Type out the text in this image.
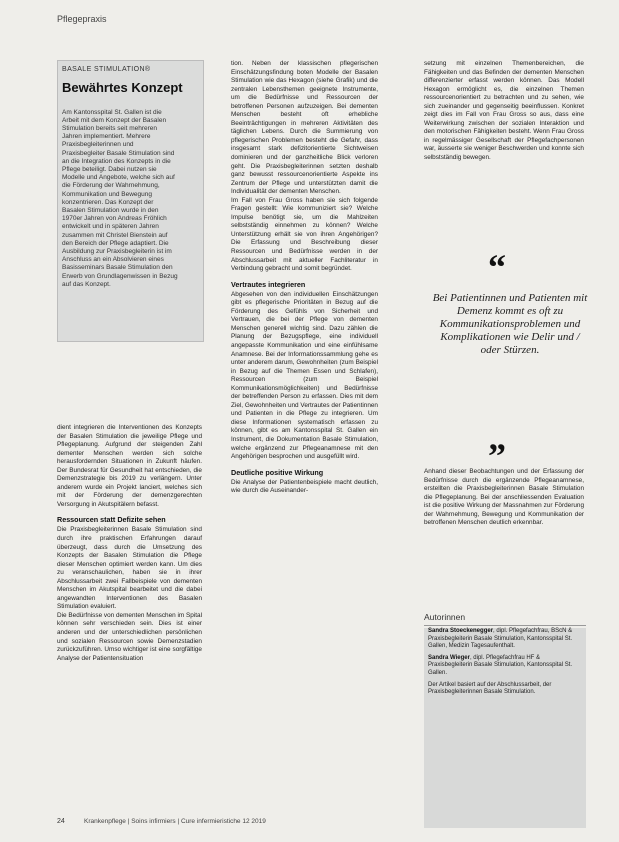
Pflegepraxis
BASALE STIMULATION®
Bewährtes Konzept

Am Kantonsspital St. Gallen ist die Arbeit mit dem Konzept der Basalen Stimulation bereits seit mehreren Jahren implementiert. Mehrere Praxisbegleiterinnen und Praxisbegleiter Basale Stimulation sind an die Integration des Konzepts in die Pflege beteiligt. Dabei nutzen sie Modelle und Angebote, welche sich auf die Förderung der Wahrnehmung, Kommunikation und Bewegung konzentrieren. Das Konzept der Basalen Stimulation wurde in den 1970er Jahren von Andreas Fröhlich entwickelt und in späteren Jahren zusammen mit Christel Bienstein auf den Bereich der Pflege adaptiert. Die Ausbildung zur Praxisbegleiterin ist im Anschluss an ein Absolvieren eines Basisseminars Basale Stimulation den Erwerb von Grundlagenwissen in Bezug auf das Konzept.

dient integrieren die Interventionen des Konzepts der Basalen Stimulation die jeweilige Pflege und Pflegeplanung. Aufgrund der steigenden Zahl dementer Menschen werden sich solche herausfordernden Situationen in Zukunft häufen. Der Bundesrat für Gesundheit hat entschieden, die Demenzstrategie bis 2019 zu verlängern. Unter anderem wurde ein Projekt lanciert, welches sich mit der Förderung der demenzgerechten Versorgung in Akutspitälern befasst.

Ressourcen statt Defizite sehen

Die Praxisbegleiterinnen Basale Stimulation sind durch ihre praktischen Erfahrungen darauf überzeugt, dass durch die Umsetzung des Konzepts der Basalen Stimulation die Pflege dieser Menschen optimiert werden kann. Um dies zu veranschaulichen, haben sie in ihrer Abschlussarbeit zwei Fallbeispiele von dementen Menschen im Akutspital bearbeitet und die dabei angewandten Interventionen des Basalen Stimulation evaluiert.

Die Bedürfnisse von dementen Menschen im Spital können sehr verschieden sein. Dies ist einer anderen und der unterschiedlichen persönlichen und sozialen Ressourcen sowie Demenzstadien zurückzuführen. Umso wichtiger ist eine sorgfältige Analyse der Patientensituation

tion. Neben der klassischen pflegerischen Einschätzungsfindung boten Modelle der Basalen Stimulation wie das Hexagon (siehe Grafik) und die zentralen Lebensthemen geeignete Instrumente, um die Bedürfnisse und Ressourcen der betroffenen Personen aufzuzeigen. Bei dementen Menschen besteht oft erhebliche Beeinträchtigungen in mehreren Aktivitäten des täglichen Lebens. Durch die Summierung von pflegerischen Problemen besteht die Gefahr, dass insgesamt stark defizitorientierte Sichtweisen dominieren und der ganzheitliche Blick verloren geht. Die Praxisbegleiterinnen setzten deshalb ganz bewusst ressourcenorientierte Aspekte ins Zentrum der Pflege und unterstützten damit die Individualität der dementen Menschen.

Im Fall von Frau Gross haben sie sich folgende Fragen gestellt: Wie kommuniziert sie? Welche Impulse benötigt sie, um die Mahlzeiten selbstständig einnehmen zu können? Welche Unterstützung erhält sie von ihren Angehörigen? Die Erfassung und Beschreibung dieser Ressourcen und Bedürfnisse werden in der Abschlussarbeit mit aktueller Fachliteratur in Verbindung gebracht und somit begründet.

Vertrautes integrieren

Abgesehen von den individuellen Einschätzungen gibt es pflegerische Prioritäten in Bezug auf die Förderung des Gefühls von Sicherheit und Vertrauen, die bei der Pflege von dementen Menschen generell wichtig sind. Dazu zählen die Planung der Bezugspflege, eine individuell angepasste Kommunikation und eine einfühlsame Anamnese. Bei der Informationssammlung gehe es unter anderem darum, Gewohnheiten (zum Beispiel in Bezug auf die Themen Essen und Schlafen), Ressourcen (zum Beispiel Kommunikationsmöglichkeiten) und Bedürfnisse der betreffenden Person zu erfassen. Dies mit dem Ziel, Gewohnheiten und Vertrautes der Patientinnen und Patienten in die Pflege zu integrieren. Um diese Informationen systematisch erfassen zu können, gibt es am Kantonsspital St. Gallen ein Instrument, die Dokumentation Basale Stimulation, welche ergänzend zur Pflegeanamnese mit den Angehörigen besprochen und ausgefüllt wird.

Deutliche positive Wirkung

Die Analyse der Patientenbeispiele macht deutlich, wie durch die Auseinander-

setzung mit einzelnen Themenbereichen, die Fähigkeiten und das Befinden der dementen Menschen differenzierter erfasst werden können. Das Modell Hexagon ermöglicht es, die einzelnen Themen ressourcenorientiert zu betrachten und zu sehen, wie sich zueinander und gegenseitig beeinflussen. Konkret zeigt dies im Fall von Frau Gross so aus, dass eine Weiterwirkung zwischen der sozialen Interaktion und den motorischen Fähigkeiten besteht. Wenn Frau Gross in regelmässiger Gesellschaft der Pflegefachpersonen war, äusserte sie weniger Beschwerden und konnte sich selbstständig bewegen.

“
Bei Patientinnen und Patienten mit Demenz kommt es oft zu Kommunikationsproblemen und Komplikationen wie Delir und / oder Stürzen.
”

Anhand dieser Beobachtungen und der Erfassung der Bedürfnisse durch die ergänzende Pflegeanamnese, erstellten die Praxisbegleiterinnen Basale Stimulation die Pflegeplanung. Bei der anschliessenden Evaluation ist die positive Wirkung der Massnahmen zur Förderung der Wahrnehmung, Bewegung und Kommunikation der betroffenen Menschen deutlich erkennbar.

Autorinnen

Sandra Stoeckenegger, dipl. Pflegefachfrau, BScN & Praxisbegleiterin Basale Stimulation, Kantonsspital St. Gallen, Medizin Tagesaufenthalt.

Sandra Wieger, dipl. Pflegefachfrau HF & Praxisbegleiterin Basale Stimulation, Kantonsspital St. Gallen.

Der Artikel basiert auf der Abschlussarbeit, der Praxisbegleiterinnen Basale Stimulation.

24	Krankenpflege | Soins infirmiers | Cure infermieristiche 12 2019
